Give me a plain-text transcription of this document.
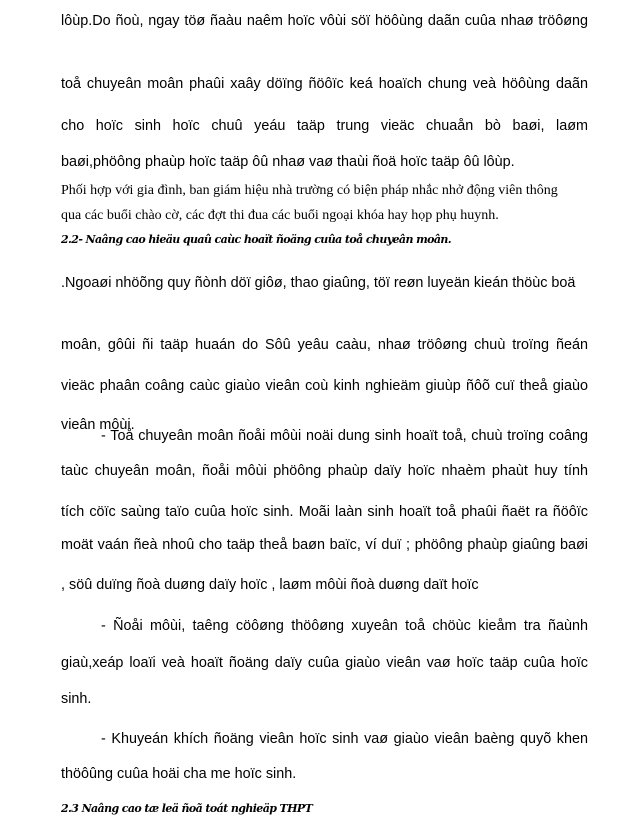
lôùp.Do ñoù, ngay töø ñaàu naêm hoïc vôùi söï höôùng daãn cuûa nhaø tröôøng
toå chuyeân moân phaûi xaây döïng ñöôïc keá hoaïch chung veà höôùng daãn
cho hoïc sinh hoïc chuû yeáu taäp trung vieäc chuaån bò baøi, laøm
baøi,phöông phaùp hoïc taäp ôû nhaø vaø thaùi ñoä hoïc taäp ôû lôùp.
Phối hợp với gia đình, ban giám hiệu nhà trường có biện pháp nhắc nhở động viên thông
qua các buổi chào cờ, các đợt thi đua các buổi ngoại khóa hay họp phụ huynh.
2.2- Naâng cao hieäu quaû caùc hoaït ñoäng cuûa toå chuyeân moân.
.Ngoaøi nhöõng quy ñònh döï giôø, thao giaûng, töï reøn luyeän kieán thöùc boä
moân, gôûi ñi taäp huaán do Sôû yeâu caàu, nhaø tröôøng chuù troïng ñeán
vieäc phaân coâng caùc giaùo vieân coù kinh nghieäm giuùp ñôõ cuï theå giaùo
vieân môùi.
- Toå chuyeân moân ñoåi môùi noäi dung sinh hoaït toå, chuù troïng coâng
taùc chuyeân moân, ñoåi môùi phöông phaùp daïy hoïc nhaèm phaùt huy tính
tích cöïc saùng taïo cuûa hoïc sinh. Moãi laàn sinh hoaït toå phaûi ñaët ra ñöôïc
moät vaán ñeà nhoû cho taäp theå baøn baïc, ví duï ; phöông phaùp giaûng baøi
, söû duïng ñoà duøng daïy hoïc , laøm môùi ñoà duøng daït hoïc
- Ñoåi môùi, taêng cöôøng thöôøng xuyeân toå chöùc kieåm tra ñaùnh
giaù,xeáp loaïi veà hoaït ñoäng daïy cuûa giaùo vieân vaø hoïc taäp cuûa hoïc
sinh.
- Khuyeán khích ñoäng vieân hoïc sinh vaø giaùo vieân baèng quyõ khen
thöôûng cuûa hoäi cha me hoïc sinh.
2.3 Naâng cao tæ leä ñoã toát nghieäp THPT
